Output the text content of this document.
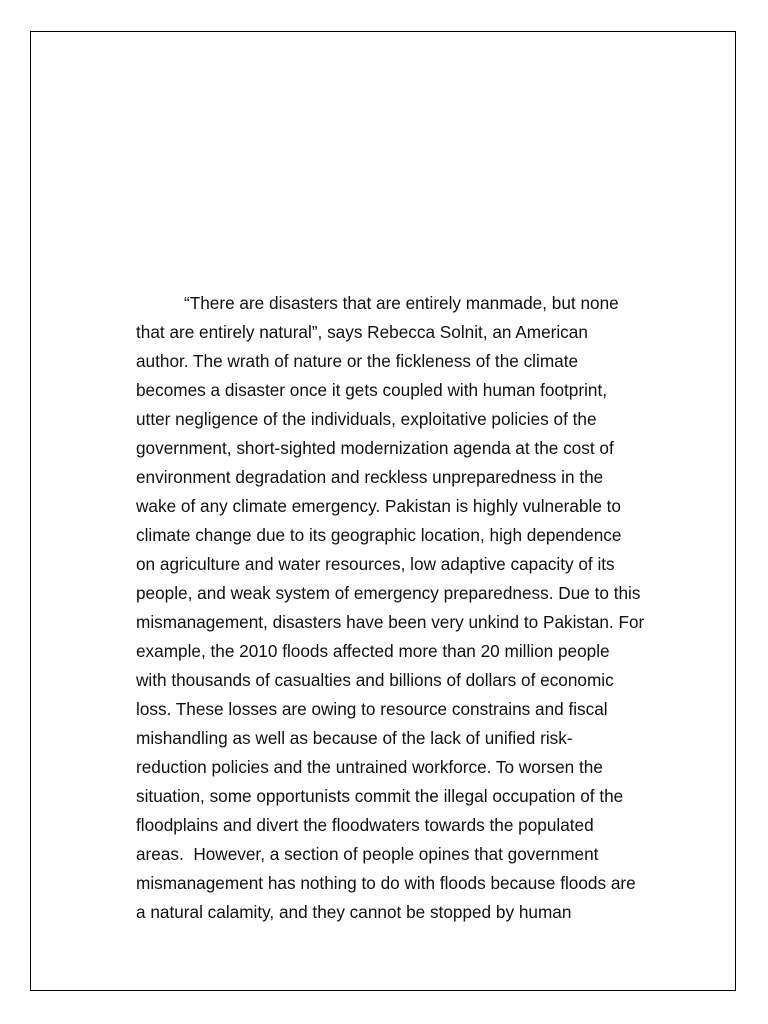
“There are disasters that are entirely manmade, but none
that are entirely natural”, says Rebecca Solnit, an American
author. The wrath of nature or the fickleness of the climate
becomes a disaster once it gets coupled with human footprint,
utter negligence of the individuals, exploitative policies of the
government, short-sighted modernization agenda at the cost of
environment degradation and reckless unpreparedness in the
wake of any climate emergency. Pakistan is highly vulnerable to
climate change due to its geographic location, high dependence
on agriculture and water resources, low adaptive capacity of its
people, and weak system of emergency preparedness. Due to this
mismanagement, disasters have been very unkind to Pakistan. For
example, the 2010 floods affected more than 20 million people
with thousands of casualties and billions of dollars of economic
loss. These losses are owing to resource constrains and fiscal
mishandling as well as because of the lack of unified risk-
reduction policies and the untrained workforce. To worsen the
situation, some opportunists commit the illegal occupation of the
floodplains and divert the floodwaters towards the populated
areas.  However, a section of people opines that government
mismanagement has nothing to do with floods because floods are
a natural calamity, and they cannot be stopped by human
